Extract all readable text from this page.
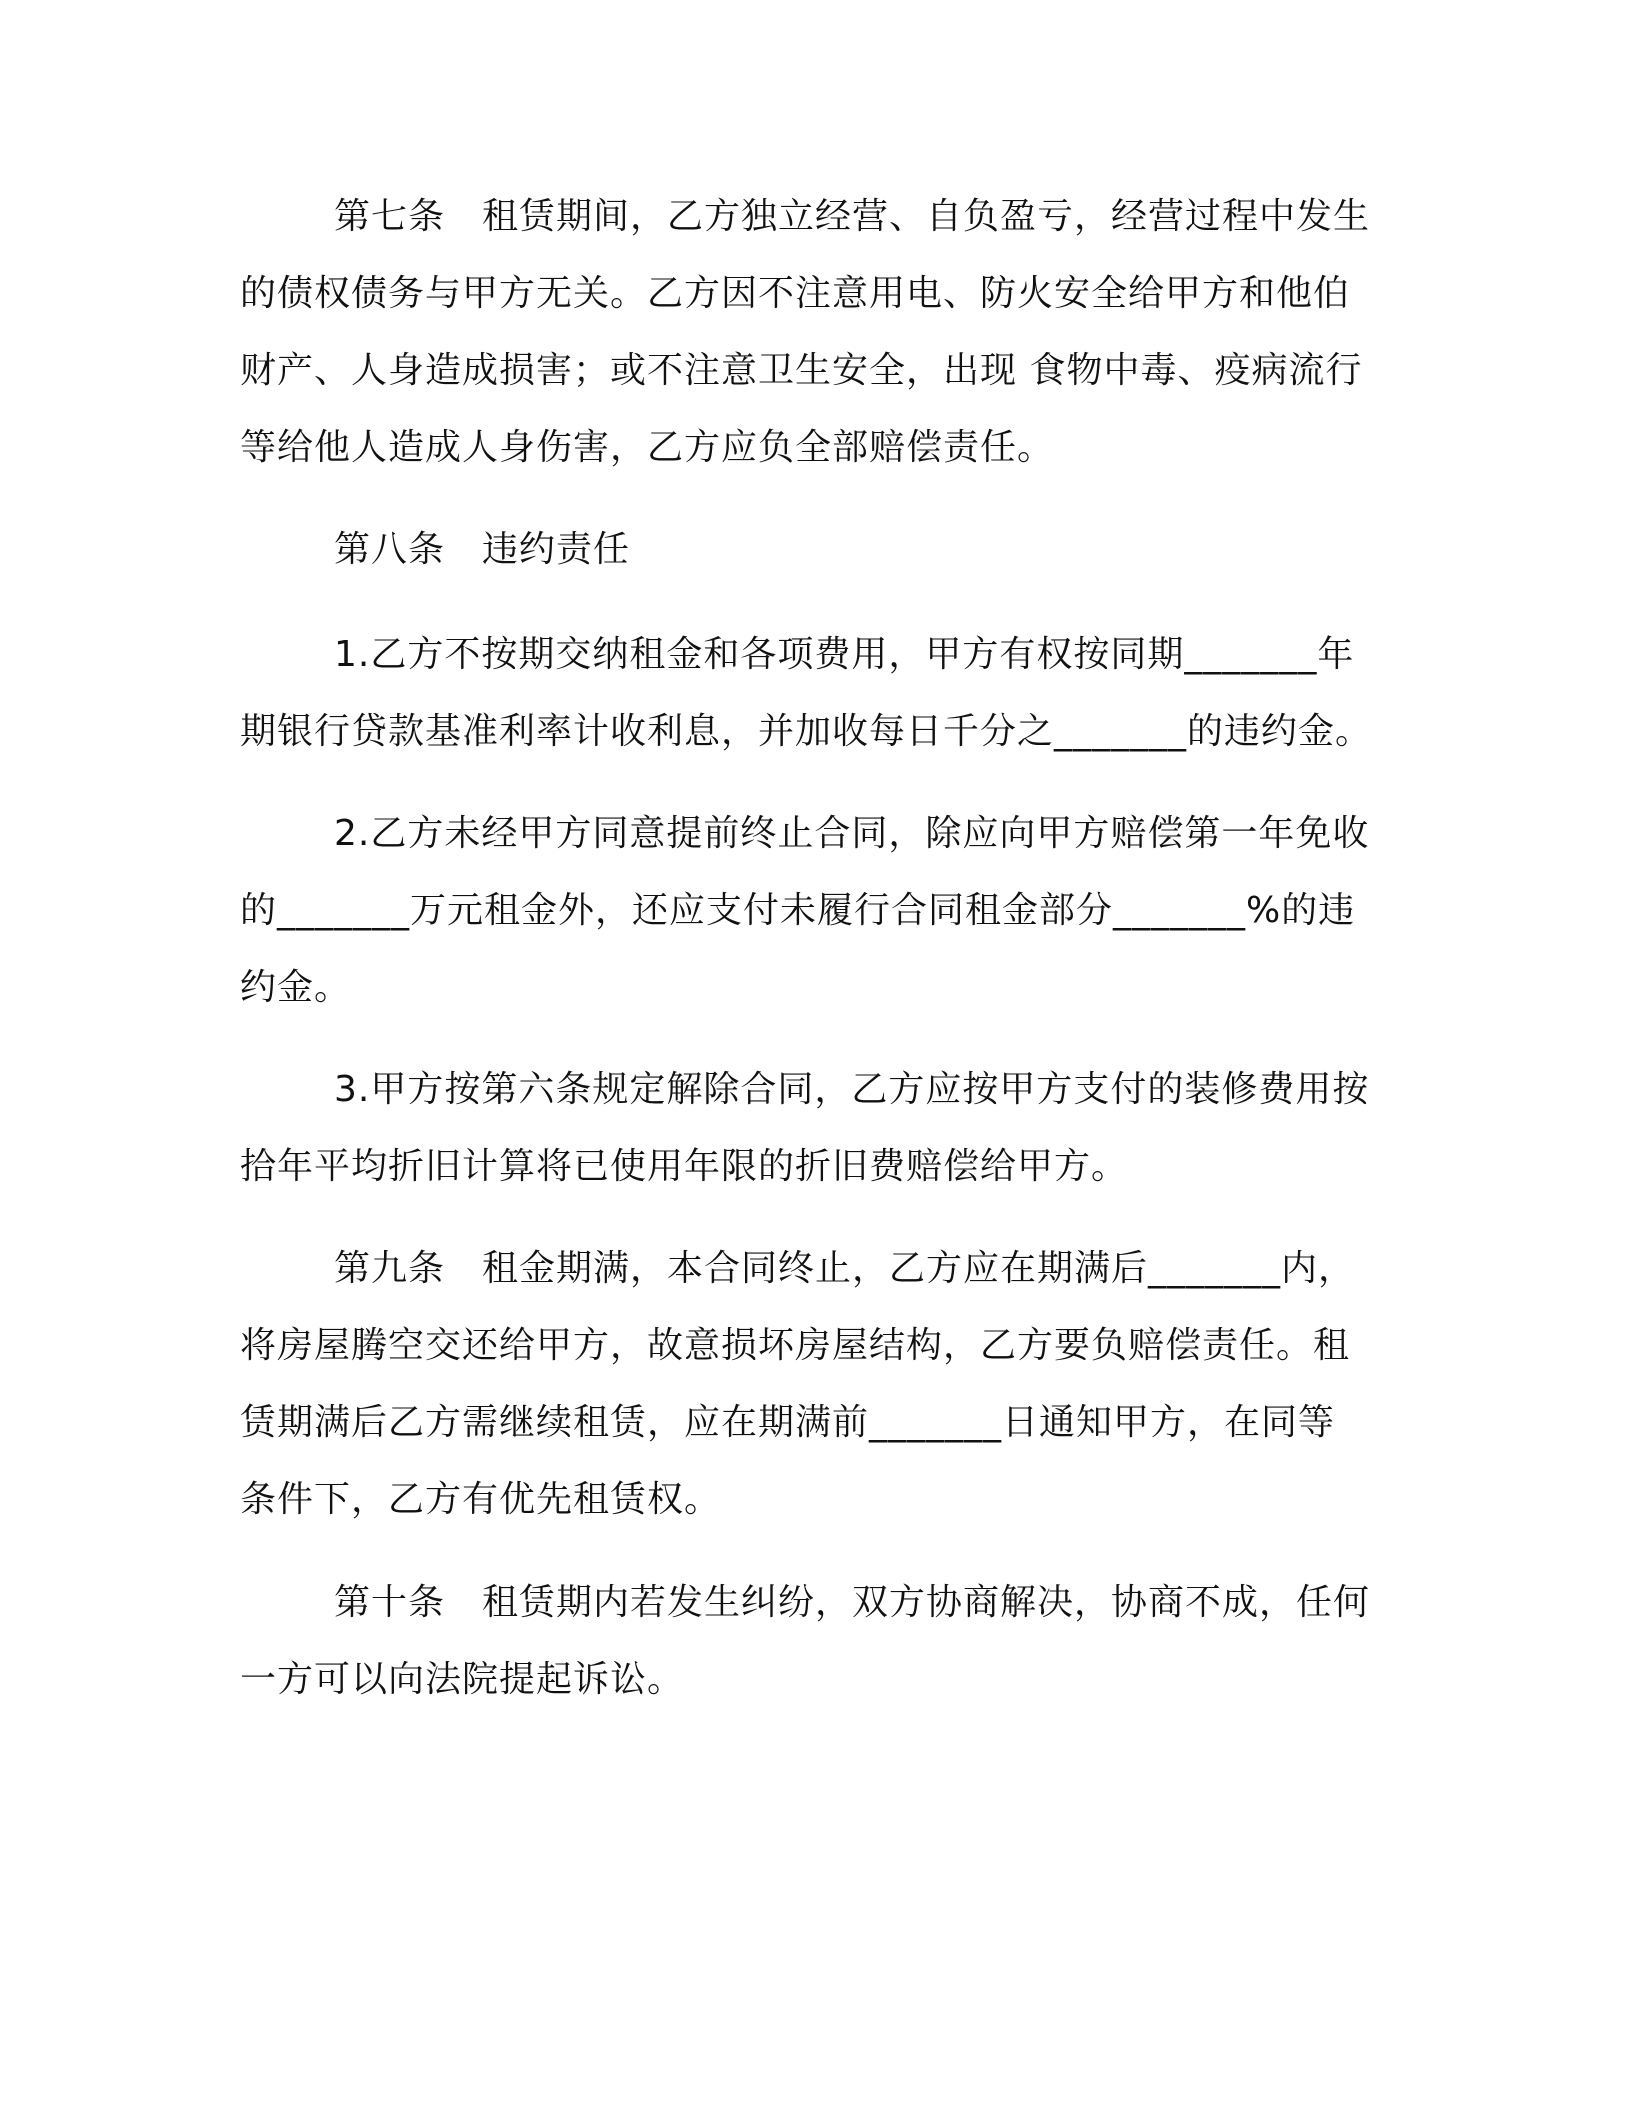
第七条　租赁期间，乙方独立经营、自负盈亏，经营过程中发生
的债权债务与甲方无关。乙方因不注意用电、防火安全给甲方和他伯
财产、人身造成损害；或不注意卫生安全，出现 食物中毒、疫病流行
等给他人造成人身伤害，乙方应负全部赔偿责任。
第八条　违约责任
1.乙方不按期交纳租金和各项费用，甲方有权按同期_______年
期银行贷款基准利率计收利息，并加收每日千分之_______的违约金。
2.乙方未经甲方同意提前终止合同，除应向甲方赔偿第一年免收
的_______万元租金外，还应支付未履行合同租金部分_______%的违
约金。
3.甲方按第六条规定解除合同，乙方应按甲方支付的装修费用按
拾年平均折旧计算将已使用年限的折旧费赔偿给甲方。
第九条　租金期满，本合同终止，乙方应在期满后_______内，
将房屋腾空交还给甲方，故意损坏房屋结构，乙方要负赔偿责任。租
赁期满后乙方需继续租赁，应在期满前_______日通知甲方，在同等
条件下，乙方有优先租赁权。
第十条　租赁期内若发生纠纷，双方协商解决，协商不成，任何
一方可以向法院提起诉讼。
